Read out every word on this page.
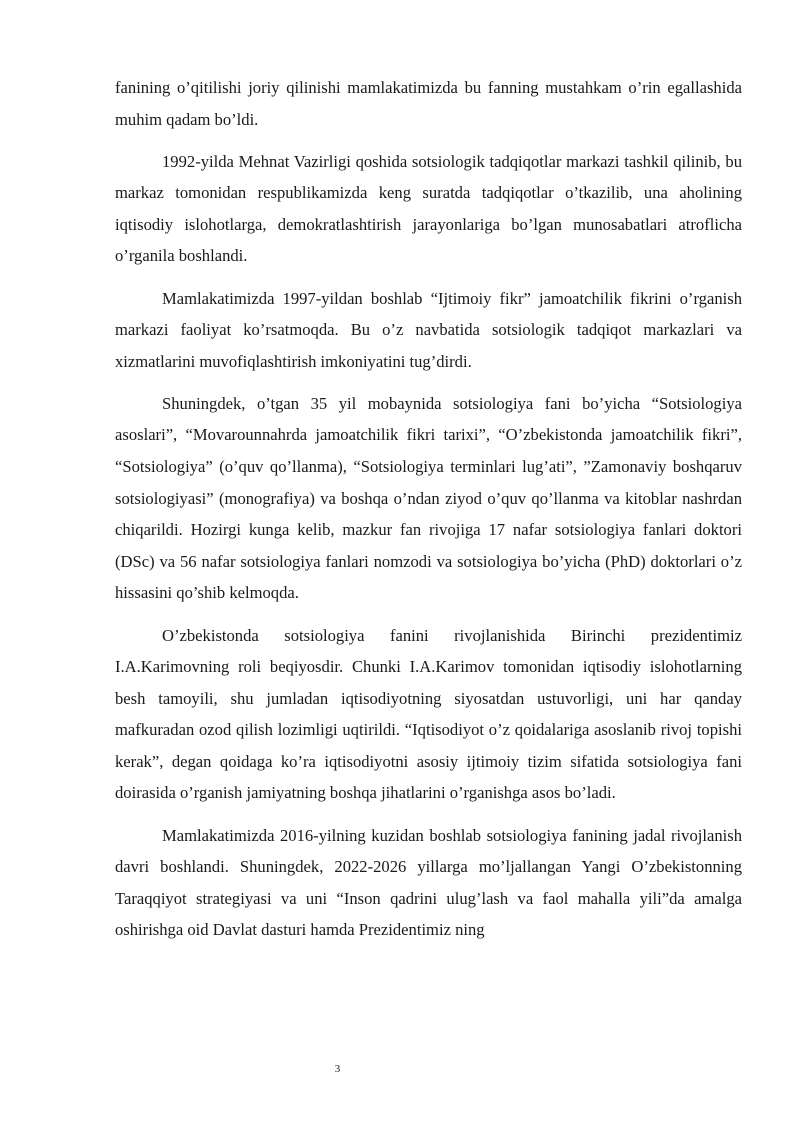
fanining o’qitilishi joriy qilinishi mamlakatimizda bu fanning mustahkam o’rin egallashida muhim qadam bo’ldi.

1992-yilda Mehnat Vazirligi qoshida sotsiologik tadqiqotlar markazi tashkil qilinib, bu markaz tomonidan respublikamizda keng suratda tadqiqotlar o’tkazilib, una aholining iqtisodiy islohotlarga, demokratlashtirish jarayonlariga bo’lgan munosabatlari atroflicha o’rganila boshlandi.

Mamlakatimizda 1997-yildan boshlab “Ijtimoiy fikr” jamoatchilik fikrini o’rganish markazi faoliyat ko’rsatmoqda. Bu o’z navbatida sotsiologik tadqiqot markazlari va xizmatlarini muvofiqlashtirish imkoniyatini tug’dirdi.

Shuningdek, o’tgan 35 yil mobaynida sotsiologiya fani bo’yicha “Sotsiologiya asoslari”, “Movarounnahrda jamoatchilik fikri tarixi”, “O’zbekistonda jamoatchilik fikri”, “Sotsiologiya” (o’quv qo’llanma), “Sotsiologiya terminlari lug’ati”, ”Zamonaviy boshqaruv sotsiologiyasi” (monografiya) va boshqa o’ndan ziyod o’quv qo’llanma va kitoblar nashrdan chiqarildi. Hozirgi kunga kelib, mazkur fan rivojiga 17 nafar sotsiologiya fanlari doktori (DSc) va 56 nafar sotsiologiya fanlari nomzodi va sotsiologiya bo’yicha (PhD) doktorlari o’z hissasini qo’shib kelmoqda.

O’zbekistonda sotsiologiya fanini rivojlanishida Birinchi prezidentimiz I.A.Karimovning roli beqiyosdir. Chunki I.A.Karimov tomonidan iqtisodiy islohotlarning besh tamoyili, shu jumladan iqtisodiyotning siyosatdan ustuvorligi, uni har qanday mafkuradan ozod qilish lozimligi uqtirildi. “Iqtisodiyot o’z qoidalariga asoslanib rivoj topishi kerak”, degan qoidaga ko’ra iqtisodiyotni asosiy ijtimoiy tizim sifatida sotsiologiya fani doirasida o’rganish jamiyatning boshqa jihatlarini o’rganishga asos bo’ladi.

Mamlakatimizda 2016-yilning kuzidan boshlab sotsiologiya fanining jadal rivojlanish davri boshlandi. Shuningdek, 2022-2026 yillarga mo’ljallangan Yangi O’zbekistonning Taraqqiyot strategiyasi va uni “Inson qadrini ulug’lash va faol mahalla yili”da amalga oshirishga oid Davlat dasturi hamda Prezidentimiz ning

3
